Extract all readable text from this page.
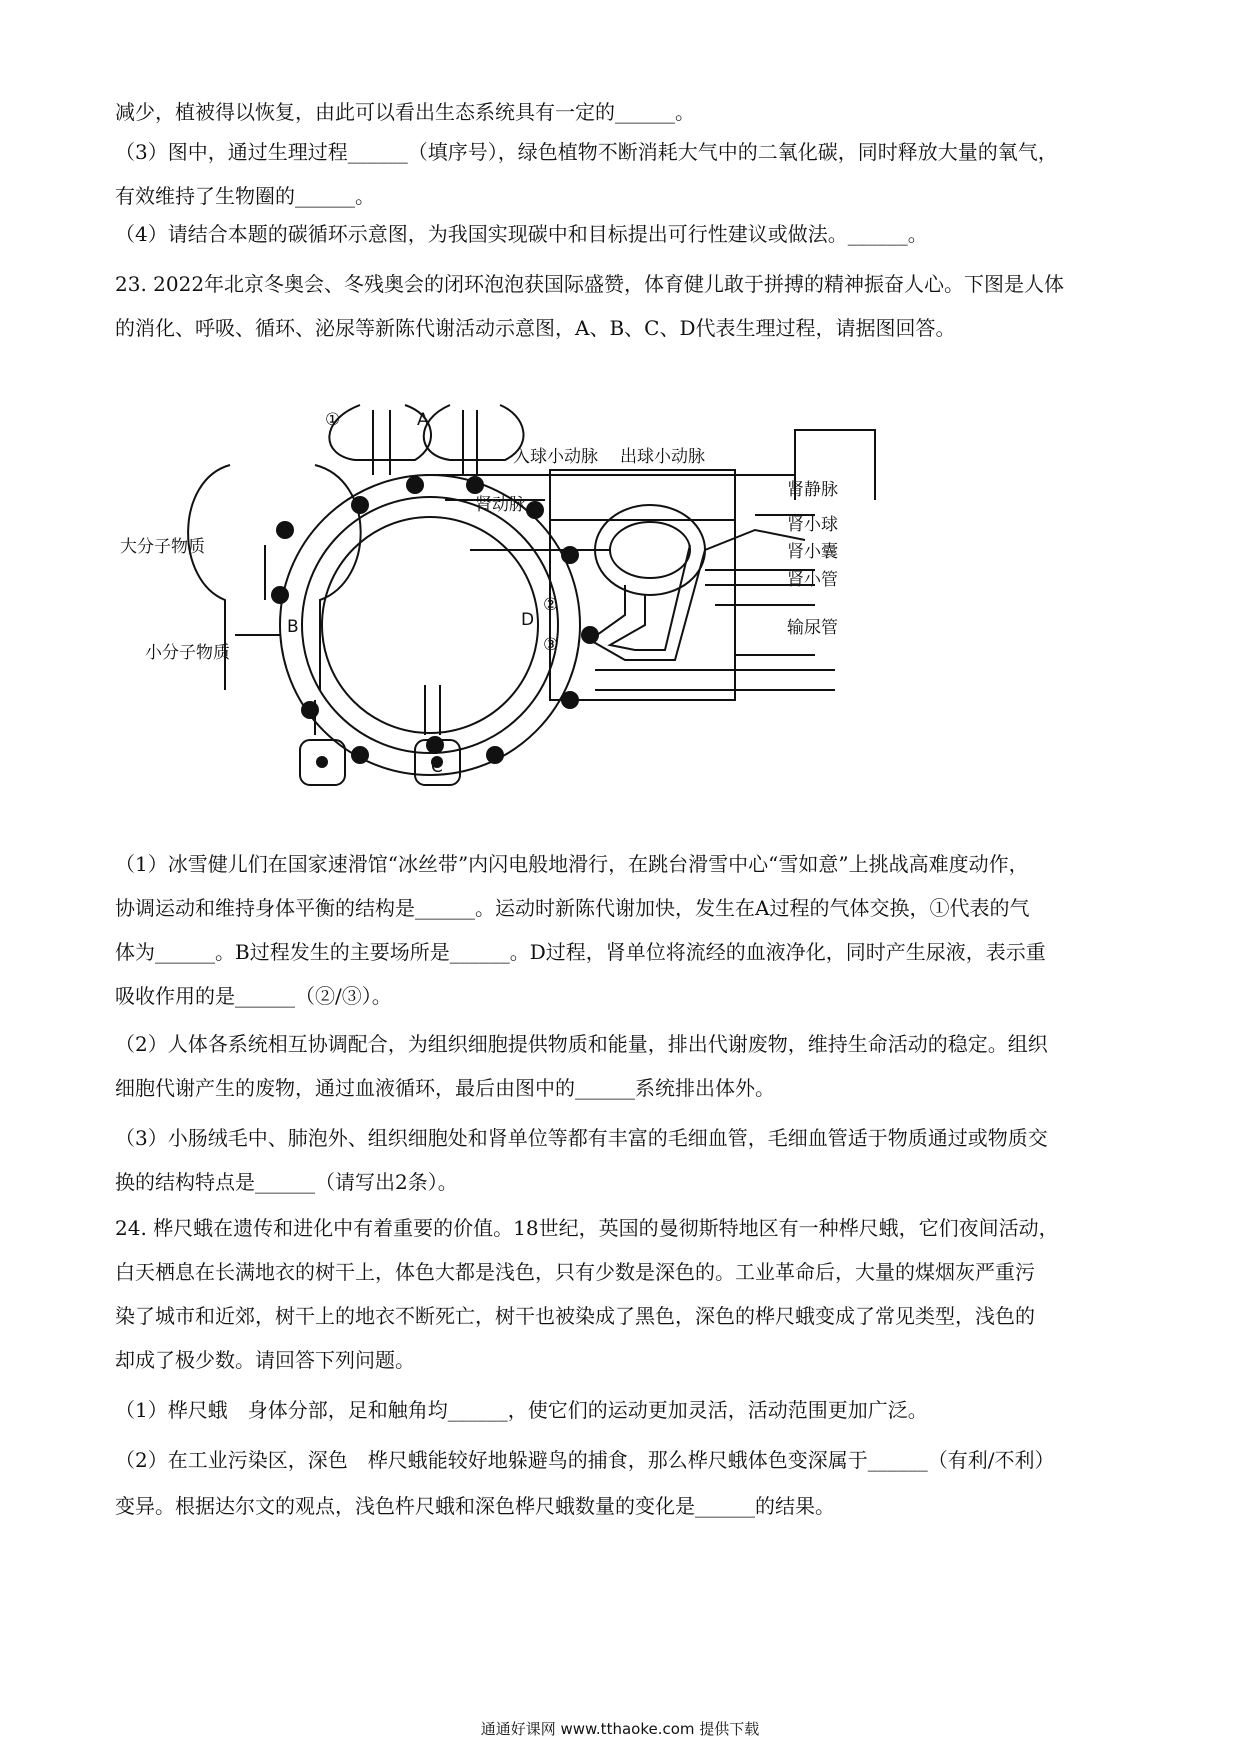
减少，植被得以恢复，由此可以看出生态系统具有一定的______。
（3）图中，通过生理过程______（填序号），绿色植物不断消耗大气中的二氧化碳，同时释放大量的氧气，
有效维持了生物圈的______。
（4）请结合本题的碳循环示意图，为我国实现碳中和目标提出可行性建议或做法。______。
23. 2022年北京冬奥会、冬残奥会的闭环泡泡获国际盛赞，体育健儿敢于拼搏的精神振奋人心。下图是人体
的消化、呼吸、循环、泌尿等新陈代谢活动示意图，A、B、C、D代表生理过程，请据图回答。
A
B
C
D
①
②
③
大分子物质
小分子物质
入球小动脉 出球小动脉
肾动脉
肾静脉
肾小球
肾小囊
肾小管
输尿管
（1）冰雪健儿们在国家速滑馆“冰丝带”内闪电般地滑行，在跳台滑雪中心“雪如意”上挑战高难度动作，
协调运动和维持身体平衡的结构是______。运动时新陈代谢加快，发生在A过程的气体交换，①代表的气
体为______。B过程发生的主要场所是______。D过程，肾单位将流经的血液净化，同时产生尿液，表示重
吸收作用的是______（②/③）。
（2）人体各系统相互协调配合，为组织细胞提供物质和能量，排出代谢废物，维持生命活动的稳定。组织
细胞代谢产生的废物，通过血液循环，最后由图中的______系统排出体外。
（3）小肠绒毛中、肺泡外、组织细胞处和肾单位等都有丰富的毛细血管，毛细血管适于物质通过或物质交
换的结构特点是______（请写出2条）。
24. 桦尺蛾在遗传和进化中有着重要的价值。18世纪，英国的曼彻斯特地区有一种桦尺蛾，它们夜间活动，
白天栖息在长满地衣的树干上，体色大都是浅色，只有少数是深色的。工业革命后，大量的煤烟灰严重污
染了城市和近郊，树干上的地衣不断死亡，树干也被染成了黑色，深色的桦尺蛾变成了常见类型，浅色的
却成了极少数。请回答下列问题。
（1）桦尺蛾　身体分部，足和触角均______，使它们的运动更加灵活，活动范围更加广泛。
（2）在工业污染区，深色　桦尺蛾能较好地躲避鸟的捕食，那么桦尺蛾体色变深属于______（有利/不利）
变异。根据达尔文的观点，浅色杵尺蛾和深色桦尺蛾数量的变化是______的结果。
通通好课网 www.tthaoke.com 提供下载
